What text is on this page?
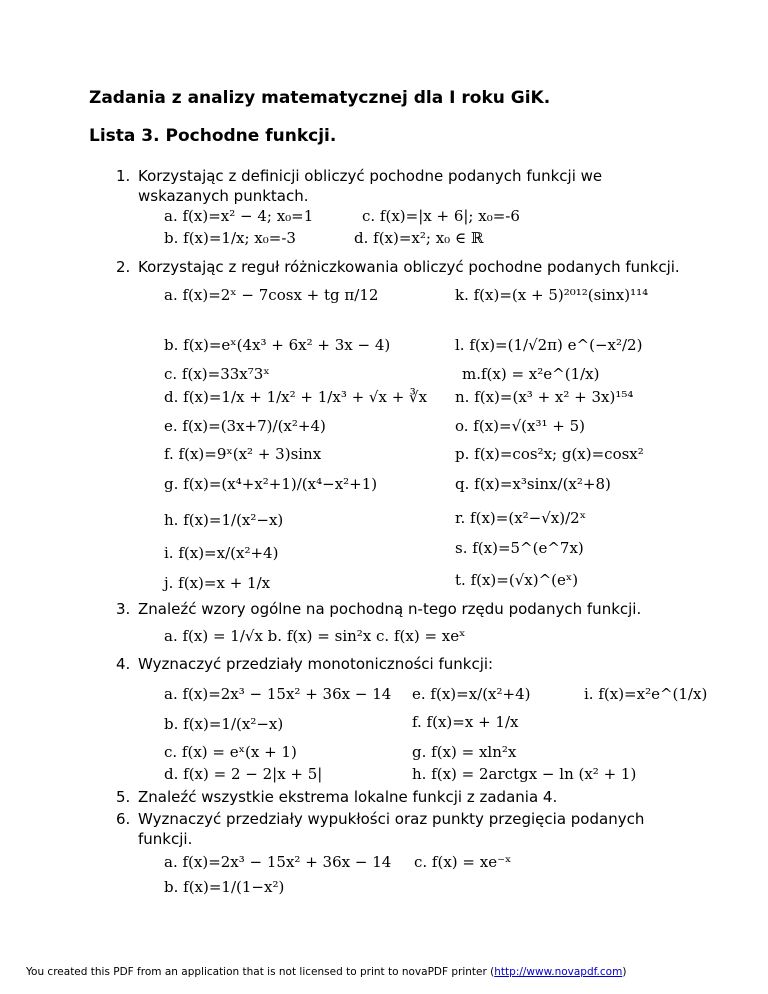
Zadania z analizy matematycznej dla I roku GiK.
Lista 3. Pochodne funkcji.
1. Korzystając z definicji obliczyć pochodne podanych funkcji we
wskazanych punktach.
a. f(x)=x² − 4; x₀=1	c. f(x)=|x + 6|; x₀=-6
b. f(x)=1/x; x₀=-3	d. f(x)=x²; x₀ ∈ ℝ
2. Korzystając z reguł różniczkowania obliczyć pochodne podanych funkcji.
a. f(x)=2ˣ − 7cosx + tg π/12
b. f(x)=eˣ(4x³ + 6x² + 3x − 4)
c. f(x)=33x⁷3ˣ
d. f(x)=1/x + 1/x² + 1/x³ + √x + ∛x
e. f(x)=(3x+7)/(x²+4)
f. f(x)=9ˣ(x² + 3)sinx
g. f(x)=(x⁴+x²+1)/(x⁴−x²+1)
h. f(x)=1/(x²−x)
i. f(x)=x/(x²+4)
j. f(x)=x + 1/x
k. f(x)=(x + 5)²⁰¹²(sinx)¹¹⁴
l. f(x)=(1/√2π) e^(−x²/2)
m.f(x) = x²e^(1/x)
n. f(x)=(x³ + x² + 3x)¹⁵⁴
o. f(x)=√(x³¹ + 5)
p. f(x)=cos²x; g(x)=cosx²
q. f(x)=x³sinx/(x²+8)
r. f(x)=(x²−√x)/2ˣ
s. f(x)=5^(e^7x)
t. f(x)=(√x)^(eˣ)
3. Znaleźć wzory ogólne na pochodną n-tego rzędu podanych funkcji.
a. f(x) = 1/√x b. f(x) = sin²x c. f(x) = xeˣ
4. Wyznaczyć przedziały monotoniczności funkcji:
a. f(x)=2x³ − 15x² + 36x − 14 e. f(x)=x/(x²+4)	i. f(x)=x²e^(1/x)
b. f(x)=1/(x²−x)	f. f(x)=x + 1/x
c. f(x) = eˣ(x + 1)	g. f(x) = xln²x
d. f(x) = 2 − 2|x + 5|	h. f(x) = 2arctgx − ln (x² + 1)
5. Znaleźć wszystkie ekstrema lokalne funkcji z zadania 4.
6. Wyznaczyć przedziały wypukłości oraz punkty przegięcia podanych
funkcji.
a. f(x)=2x³ − 15x² + 36x − 14 c. f(x) = xe⁻ˣ
b. f(x)=1/(1−x²)
You created this PDF from an application that is not licensed to print to novaPDF printer (http://www.novapdf.com)
